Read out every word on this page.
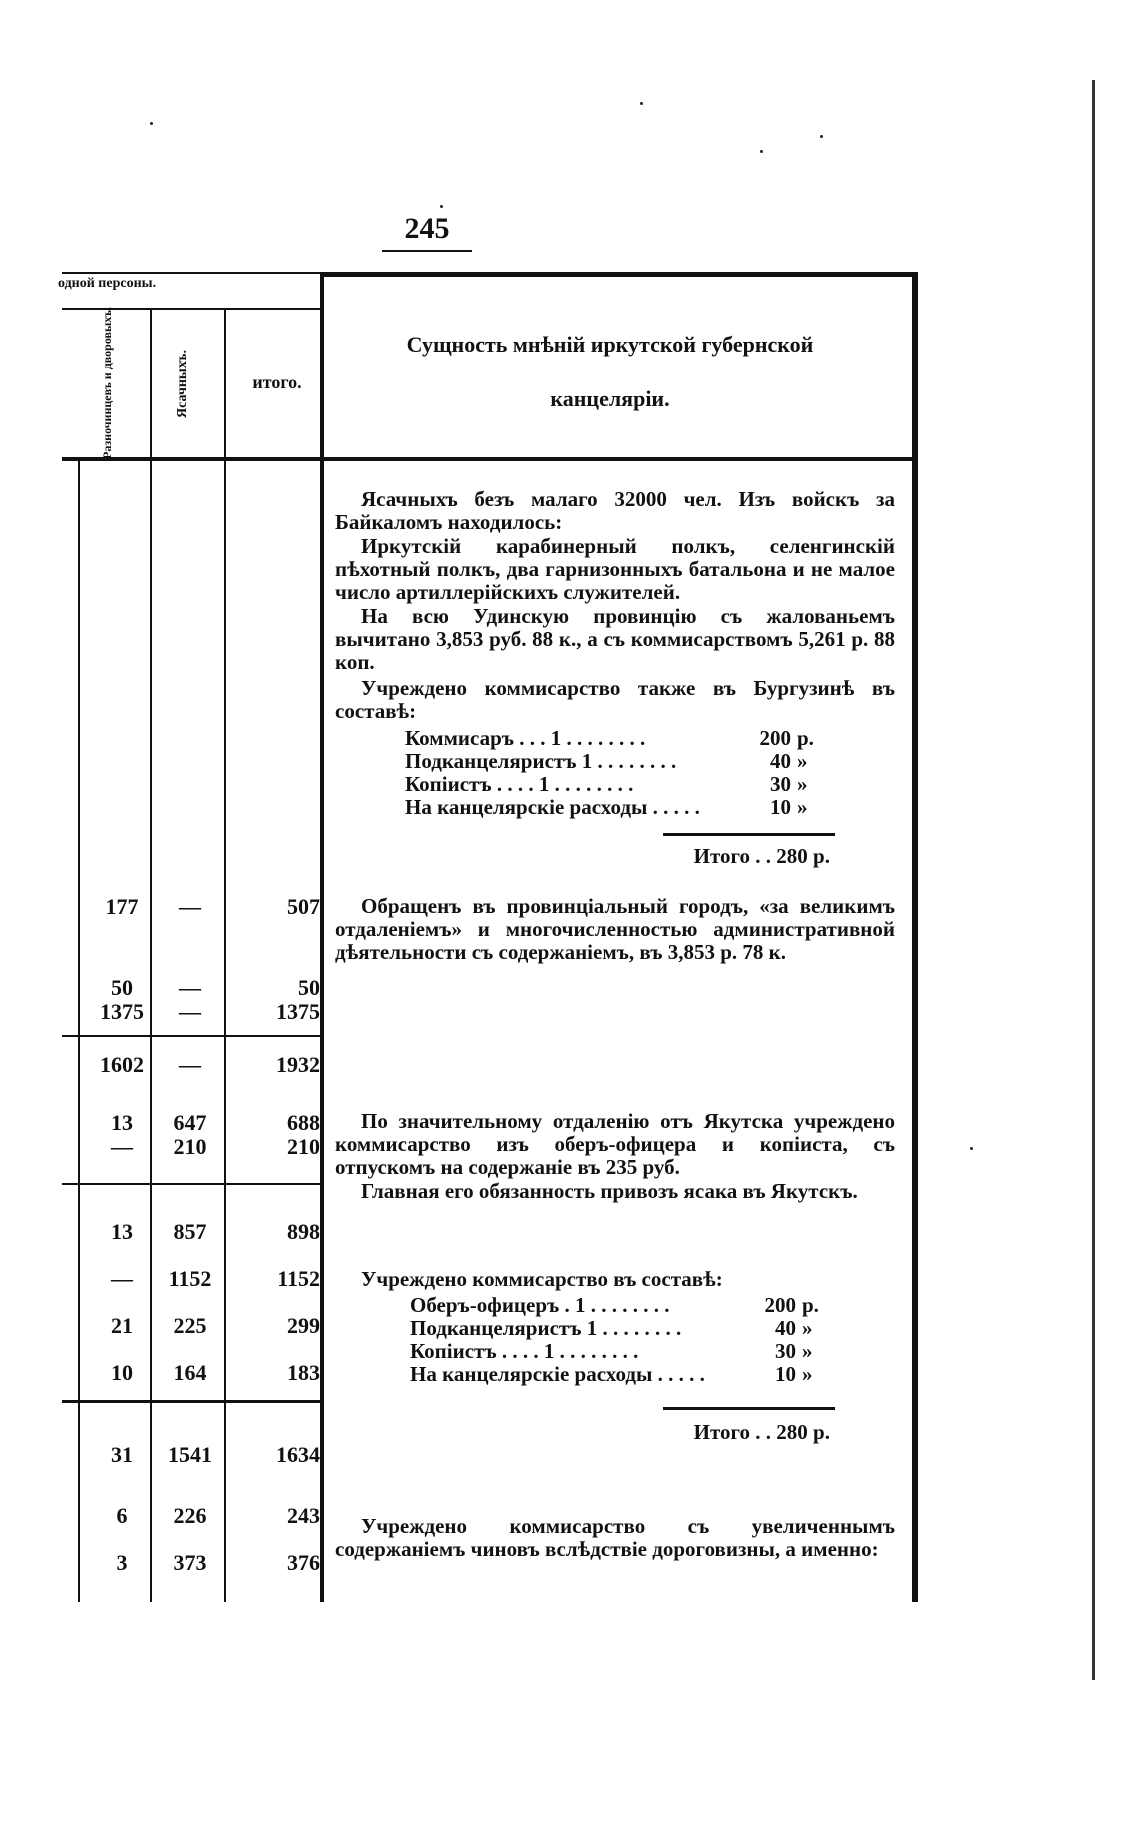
245
одной персоны.
Разночинцевъ и дворовыхъ.	Ясачныхъ.	итого.
Сущность мнѣнiй иркутской губернской
канцелярiи.
177	—	507
50	—	50
1375	—	1375
1602	—	1932
13	647	688
—	210	210
13	857	898
—	1152	1152
21	225	299
10	164	183
31	1541	1634
6	226	243
3	373	376
Ясачныхъ безъ малаго 32000 чел. Изъ войскъ за Байкаломъ находилось:
Иркутскiй карабинерный полкъ, селенгинскiй пѣхотный полкъ, два гарнизонныхъ батальона и не малое число артиллерiйскихъ служителей.
На всю Удинскую провинцiю съ жалованьемъ вычитано 3,853 руб. 88 к., а съ коммисарствомъ 5,261 р. 88 коп.
Учреждено коммисарство также въ Бургузинѣ въ составѣ:
Коммисаръ . . . 1 . . . . . . . .	200 р.
Подканцеляристъ 1 . . . . . . . .	40 »
Копiистъ . . . . 1 . . . . . . . .	30 »
На канцелярскiе расходы . . . . .	10 »
Итого . . 280 р.
Обращенъ въ провинцiальный городъ, «за великимъ отдаленiемъ» и многочисленностью административной дѣятельности съ содержанiемъ, въ 3,853 р. 78 к.
По значительному отдаленiю отъ Якутска учреждено коммисарство изъ оберъ-офицера и копiиста, съ отпускомъ на содержанiе въ 235 руб.
Главная его обязанность привозъ ясака въ Якутскъ.
Учреждено коммисарство въ составѣ:
Оберъ-офицеръ . 1 . . . . . . . .	200 р.
Подканцеляристъ 1 . . . . . . . .	40 »
Копiистъ . . . . 1 . . . . . . . .	30 »
На канцелярскiе расходы . . . . .	10 »
Итого . . 280 р.
Учреждено коммисарство съ увеличеннымъ содержанiемъ чиновъ вслѣдствiе дороговизны, а именно:
